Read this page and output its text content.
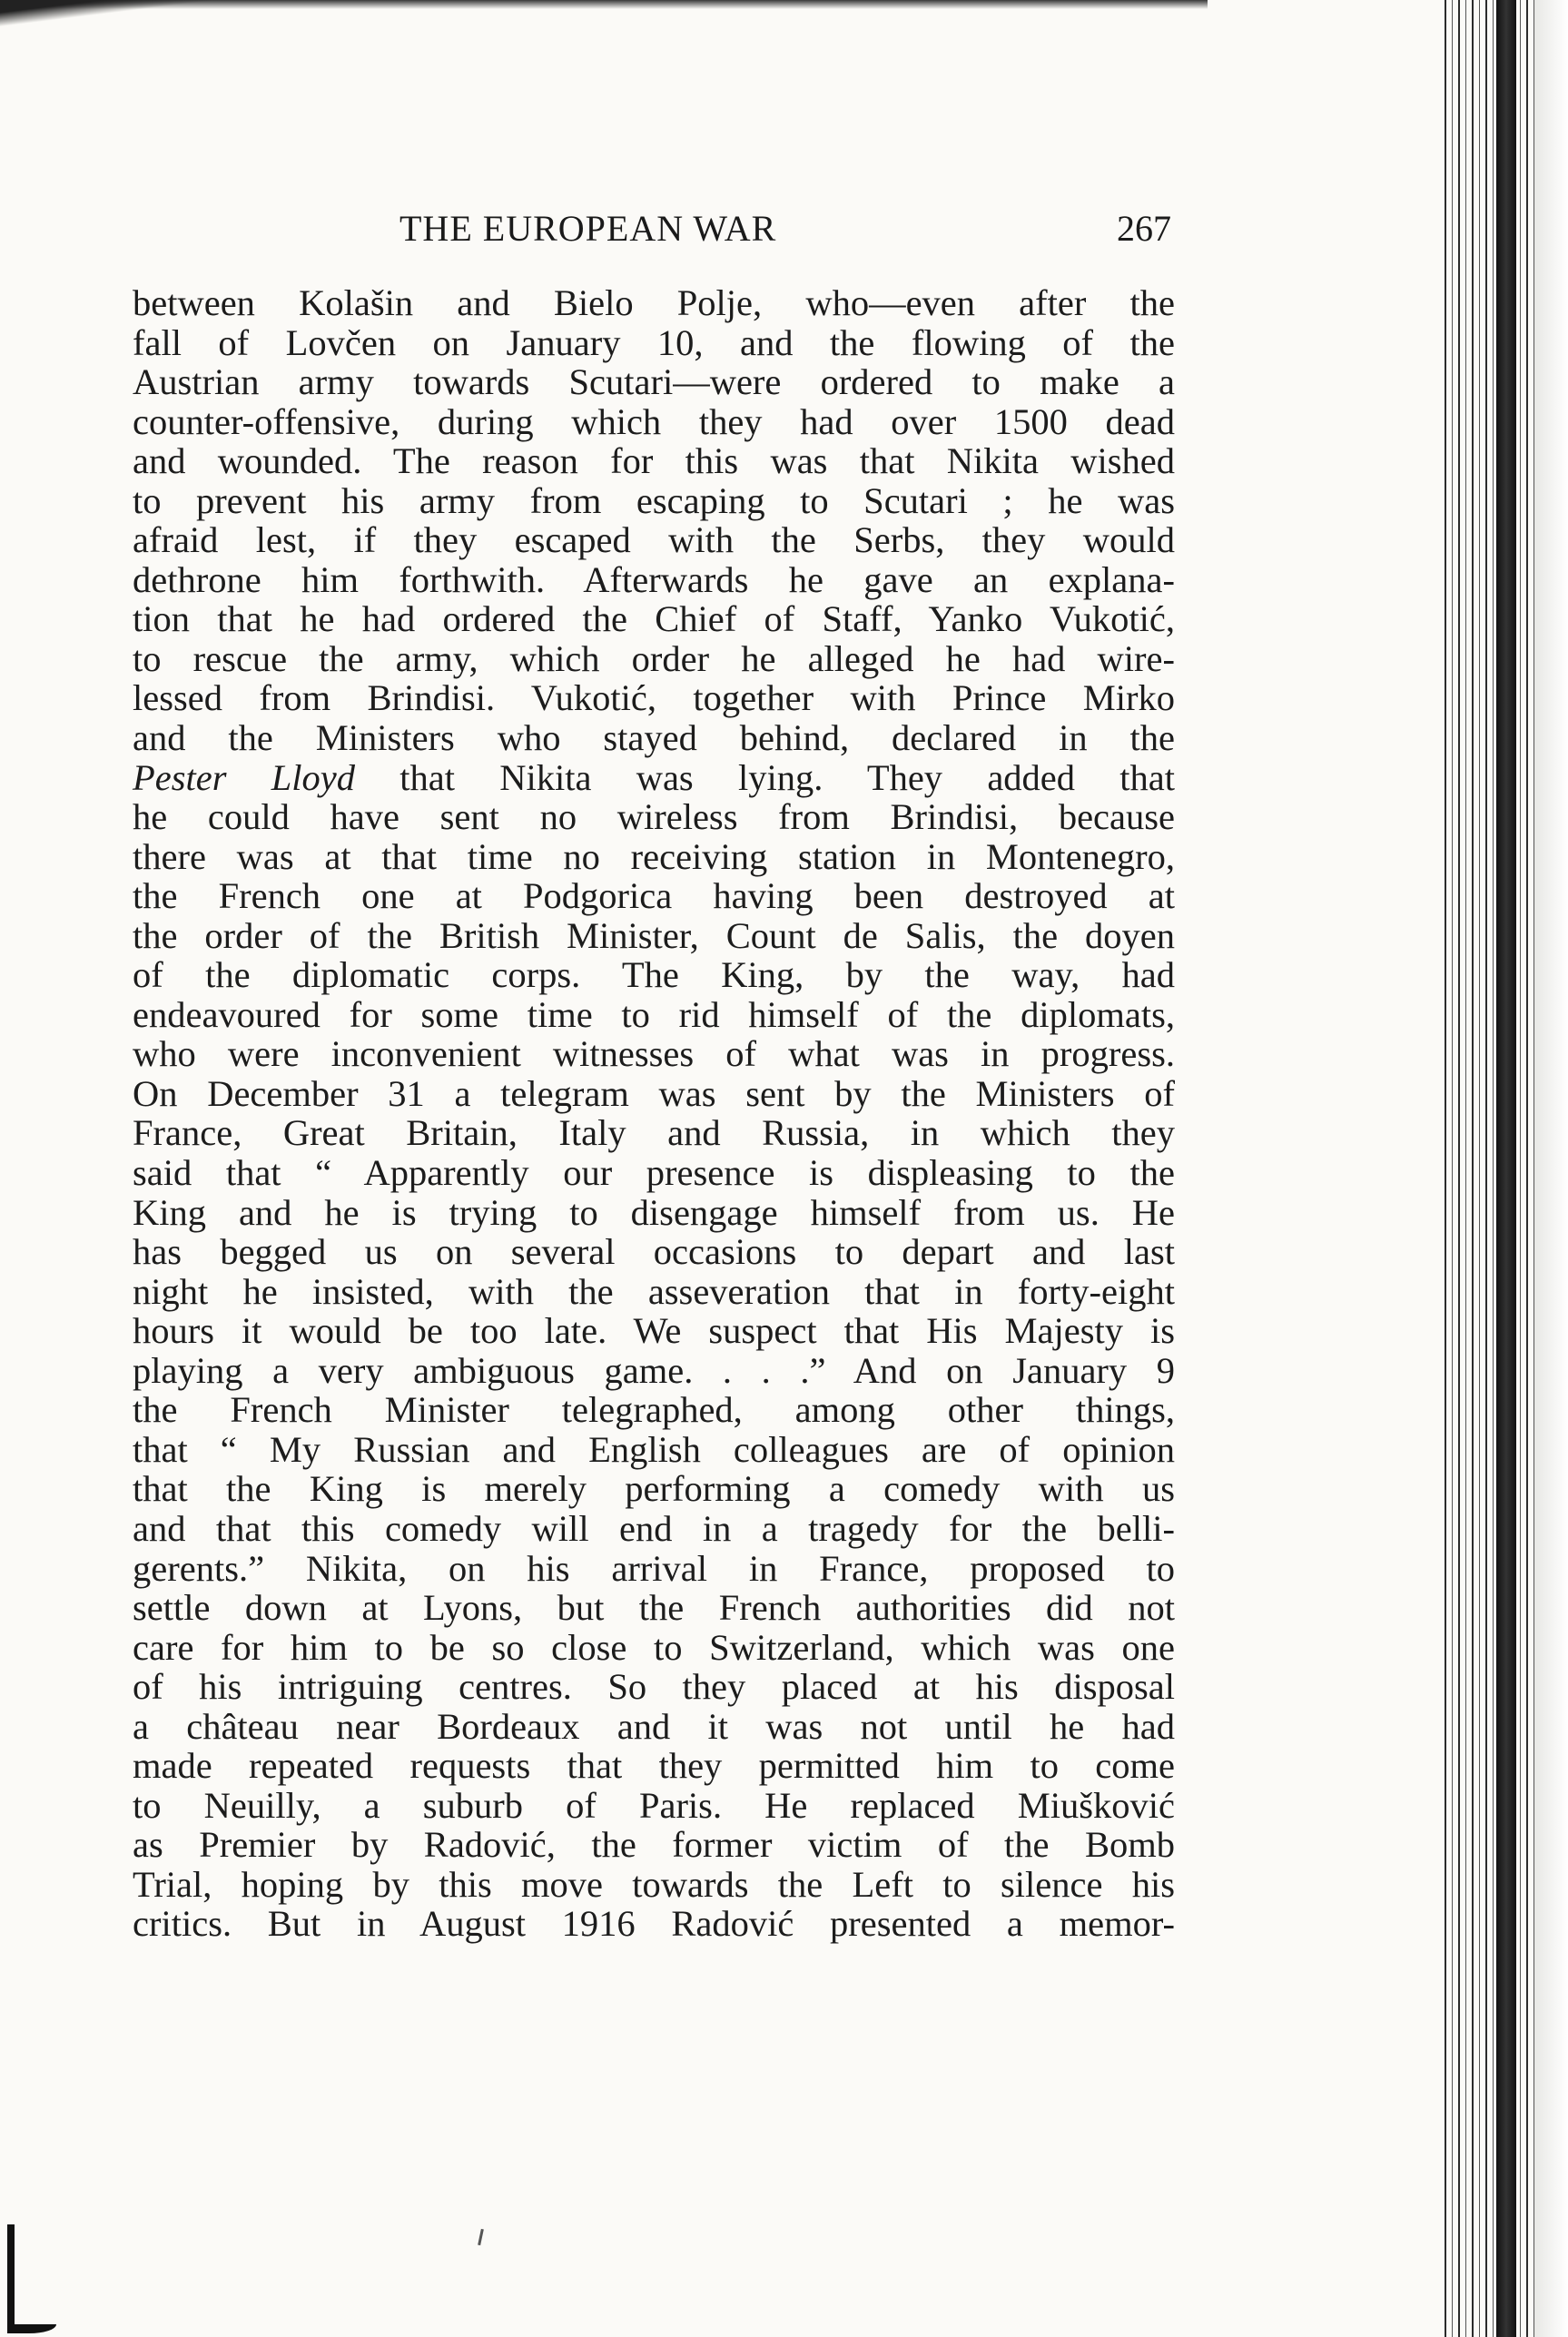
THE EUROPEAN WAR	267
between Kolašin and Bielo Polje, who—even after the
fall of Lovčen on January 10, and the flowing of the
Austrian army towards Scutari—were ordered to make a
counter-offensive, during which they had over 1500 dead
and wounded. The reason for this was that Nikita wished
to prevent his army from escaping to Scutari ; he was
afraid lest, if they escaped with the Serbs, they would
dethrone him forthwith. Afterwards he gave an explana-
tion that he had ordered the Chief of Staff, Yanko Vukotić,
to rescue the army, which order he alleged he had wire-
lessed from Brindisi. Vukotić, together with Prince Mirko
and the Ministers who stayed behind, declared in the
Pester Lloyd that Nikita was lying. They added that
he could have sent no wireless from Brindisi, because
there was at that time no receiving station in Montenegro,
the French one at Podgorica having been destroyed at
the order of the British Minister, Count de Salis, the doyen
of the diplomatic corps. The King, by the way, had
endeavoured for some time to rid himself of the diplomats,
who were inconvenient witnesses of what was in progress.
On December 31 a telegram was sent by the Ministers of
France, Great Britain, Italy and Russia, in which they
said that “ Apparently our presence is displeasing to the
King and he is trying to disengage himself from us. He
has begged us on several occasions to depart and last
night he insisted, with the asseveration that in forty-eight
hours it would be too late. We suspect that His Majesty is
playing a very ambiguous game. . . .” And on January 9
the French Minister telegraphed, among other things,
that “ My Russian and English colleagues are of opinion
that the King is merely performing a comedy with us
and that this comedy will end in a tragedy for the belli-
gerents.” Nikita, on his arrival in France, proposed to
settle down at Lyons, but the French authorities did not
care for him to be so close to Switzerland, which was one
of his intriguing centres. So they placed at his disposal
a château near Bordeaux and it was not until he had
made repeated requests that they permitted him to come
to Neuilly, a suburb of Paris. He replaced Miušković
as Premier by Radović, the former victim of the Bomb
Trial, hoping by this move towards the Left to silence his
critics. But in August 1916 Radović presented a memor-
